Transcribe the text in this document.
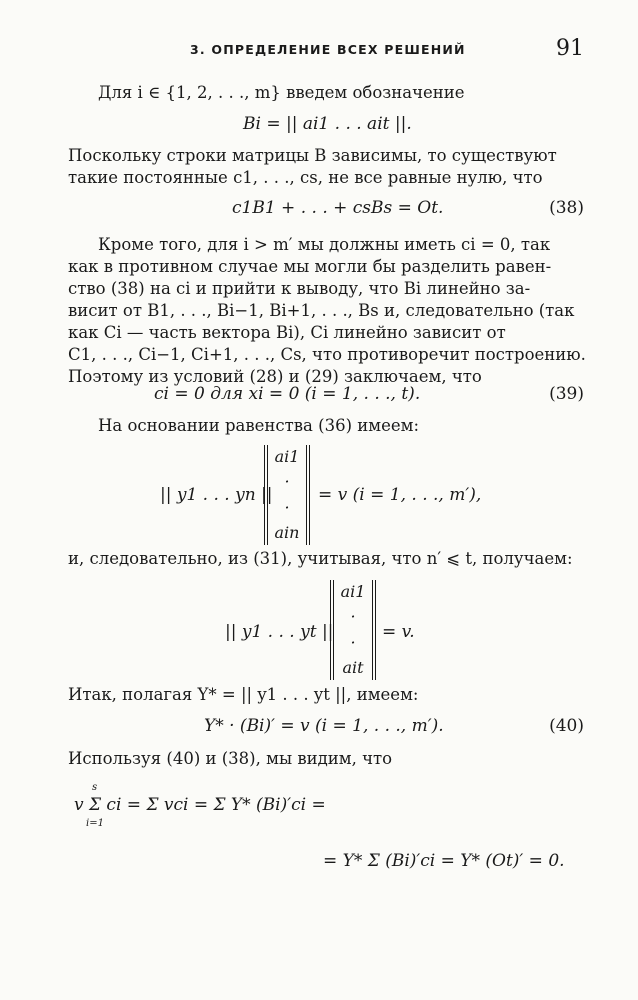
3. ОПРЕДЕЛЕНИЕ ВСЕХ РЕШЕНИЙ	91

Для i ∈ {1, 2, . . ., m} введем обозначение

Bi = || ai1 . . . ait ||.

Поскольку строки матрицы B зависимы, то существуют
такие постоянные c1, . . ., cs, не все равные нулю, что

c1B1 + . . . + csBs = Ot.	(38)

Кроме того, для i > m′ мы должны иметь ci = 0, так
как в противном случае мы могли бы разделить равен-
ство (38) на ci и прийти к выводу, что Bi линейно за-
висит от B1, . . ., Bi−1, Bi+1, . . ., Bs и, следовательно (так
как Ci — часть вектора Bi), Ci линейно зависит от
C1, . . ., Ci−1, Ci+1, . . ., Cs, что противоречит построению.
Поэтому из условий (28) и (29) заключаем, что

ci = 0 для xi = 0 (i = 1, . . ., t).	(39)

На основании равенства (36) имеем:

|| y1 . . . yn ||
ai1
·
·
ain
= v (i = 1, . . ., m′),

и, следовательно, из (31), учитывая, что n′ ⩽ t, получаем:

|| y1 . . . yt ||
ai1
·
·
ait
= v.

Итак, полагая Y* = || y1 . . . yt ||, имеем:

Y* · (Bi)′ = v (i = 1, . . ., m′).	(40)

Используя (40) и (38), мы видим, что

v Σ ci = Σ vci = Σ Y* (Bi)′ci =
= Y* Σ (Bi)′ci = Y* (Ot)′ = 0.
s
i=1
